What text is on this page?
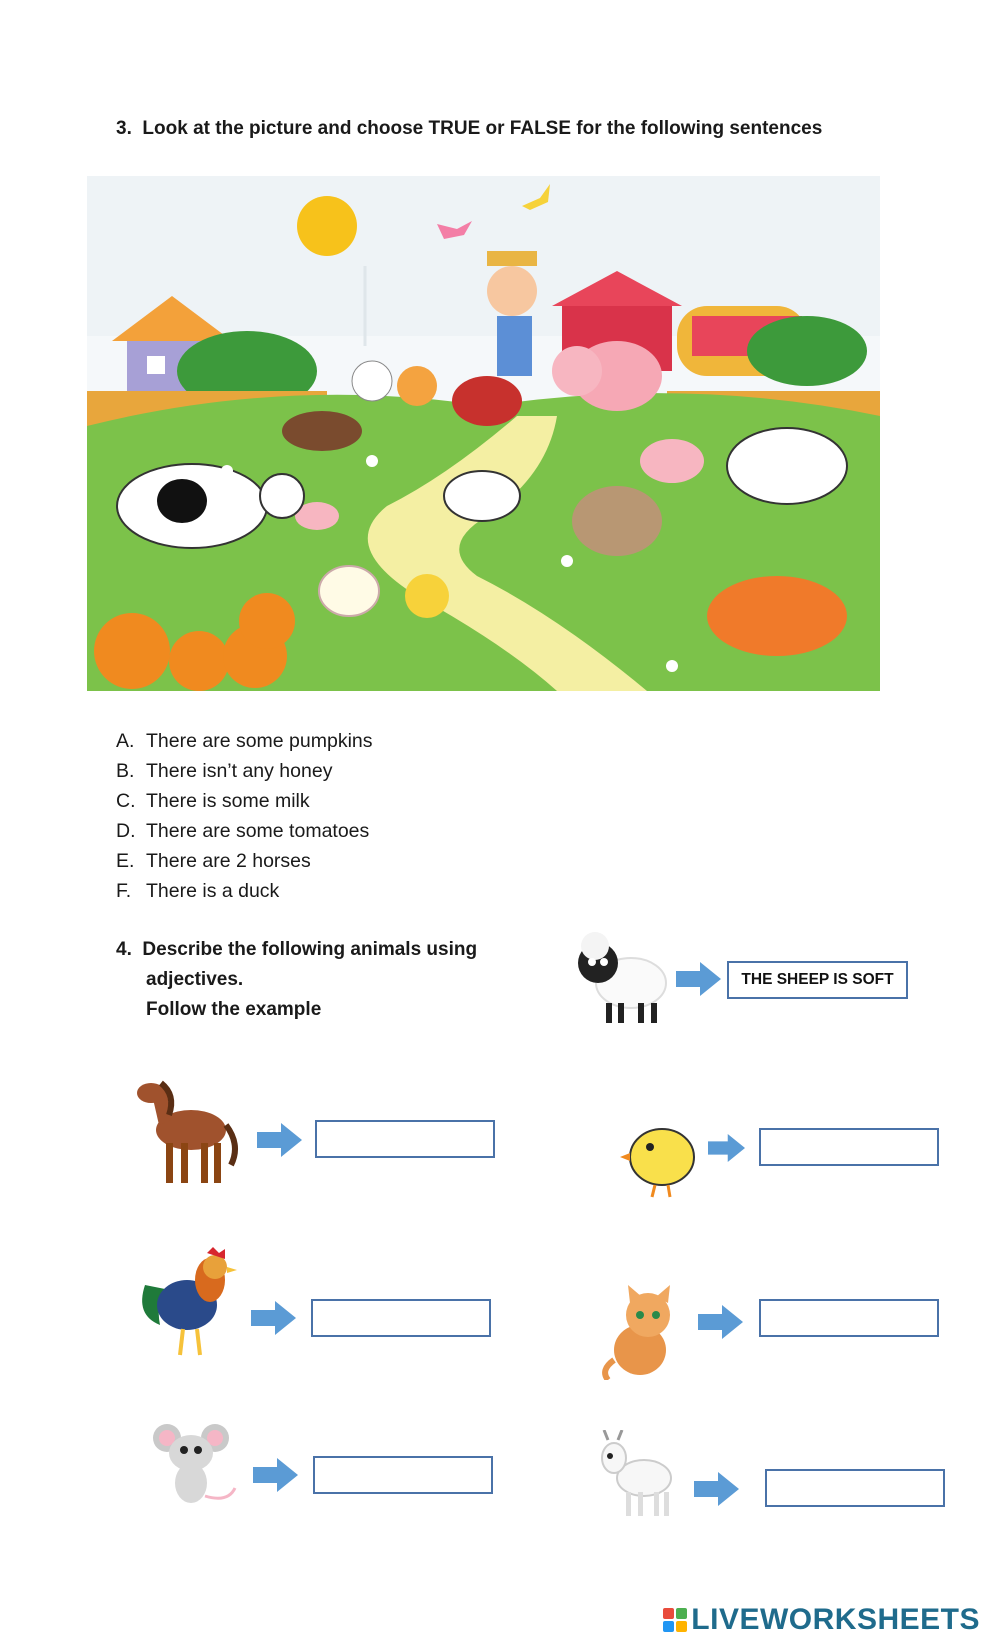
3. Look at the picture and choose TRUE or FALSE for the following sentences
A. There are some pumpkins
B. There isn’t any honey
C. There is some milk
D. There are some tomatoes
E. There are 2 horses
F. There is a duck
4. Describe the following animals using
adjectives.
Follow the example
THE SHEEP IS SOFT
LIVEWORKSHEETS
